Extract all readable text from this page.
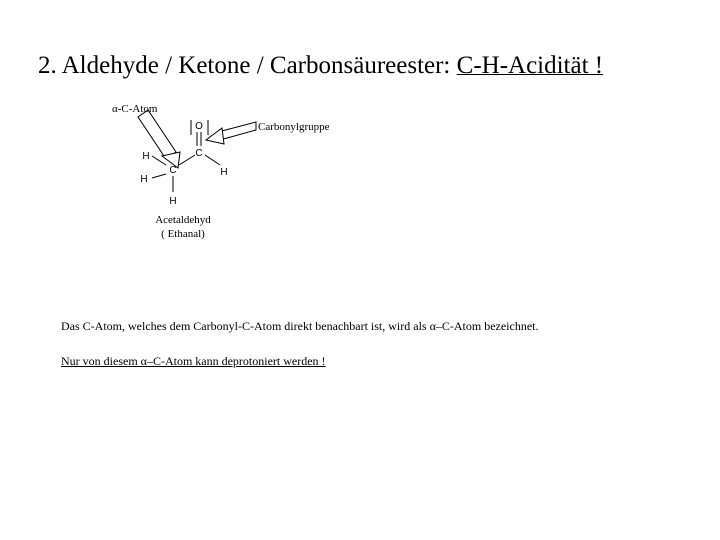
2. Aldehyde / Ketone / Carbonsäureester: C-H-Acidität !
α-C-Atom
Carbonylgruppe
O
C
H
C
H
H
H
Acetaldehyd
( Ethanal)
Das C-Atom, welches dem Carbonyl-C-Atom direkt benachbart ist, wird als α–C-Atom bezeichnet.
Nur von diesem α–C-Atom kann deprotoniert werden !
